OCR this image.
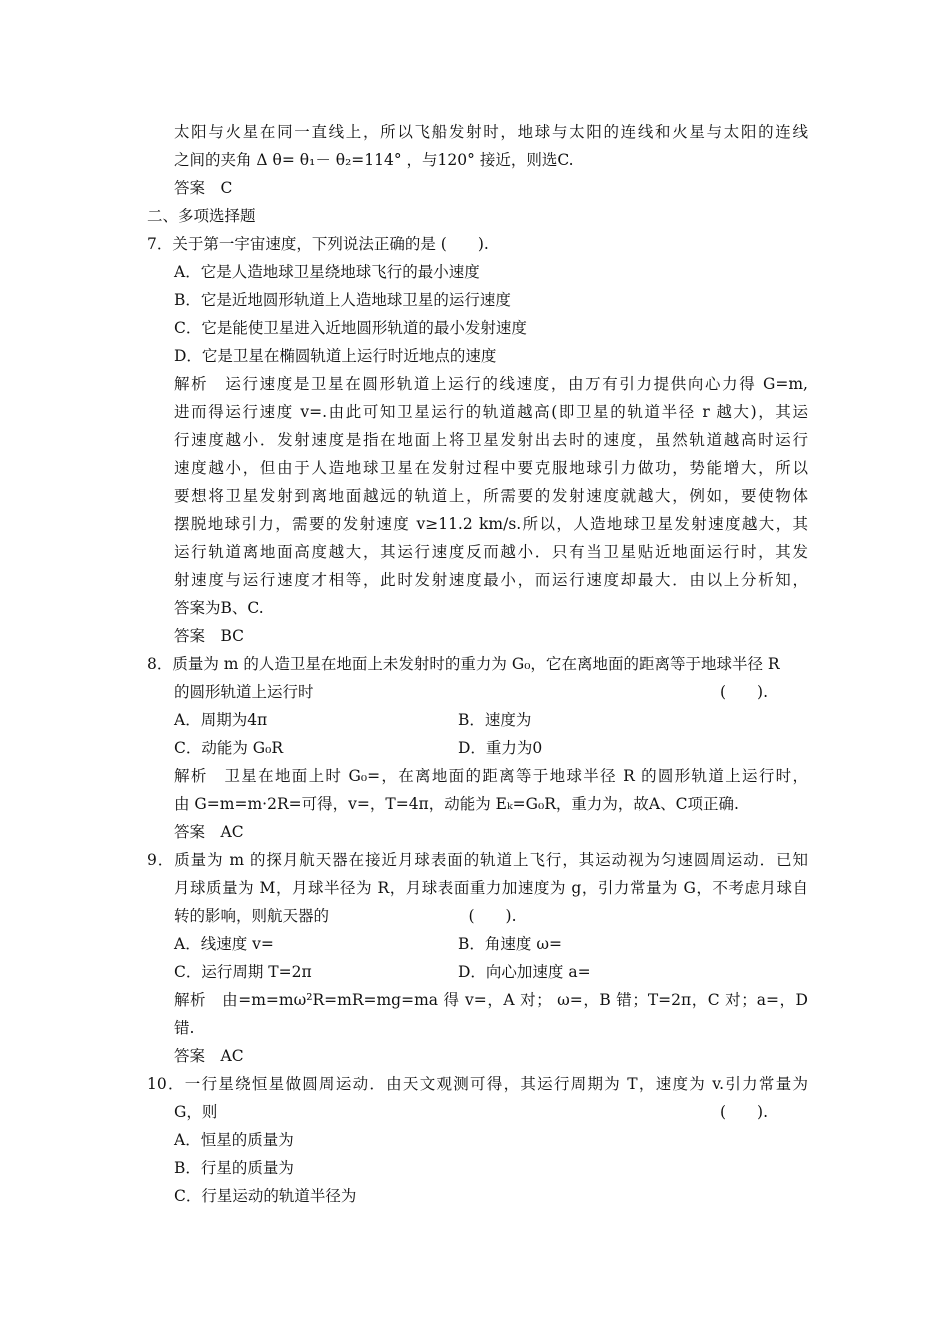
太阳与火星在同一直线上，所以飞船发射时，地球与太阳的连线和火星与太阳的连线
之间的夹角 Δ θ= θ₁－ θ₂=114° ，与120° 接近，则选C.
答案　C
二、多项选择题
7．关于第一宇宙速度，下列说法正确的是 (　　).
A．它是人造地球卫星绕地球飞行的最小速度
B．它是近地圆形轨道上人造地球卫星的运行速度
C．它是能使卫星进入近地圆形轨道的最小发射速度
D．它是卫星在椭圆轨道上运行时近地点的速度
解析　运行速度是卫星在圆形轨道上运行的线速度，由万有引力提供向心力得 G=m,
进而得运行速度 v=.由此可知卫星运行的轨道越高(即卫星的轨道半径 r 越大)，其运
行速度越小．发射速度是指在地面上将卫星发射出去时的速度，虽然轨道越高时运行
速度越小，但由于人造地球卫星在发射过程中要克服地球引力做功，势能增大，所以
要想将卫星发射到离地面越远的轨道上，所需要的发射速度就越大，例如，要使物体
摆脱地球引力，需要的发射速度 v≥11.2 km/s.所以，人造地球卫星发射速度越大，其
运行轨道离地面高度越大，其运行速度反而越小．只有当卫星贴近地面运行时，其发
射速度与运行速度才相等，此时发射速度最小，而运行速度却最大．由以上分析知，
答案为B、C.
答案　BC
8．质量为 m 的人造卫星在地面上未发射时的重力为 G₀，它在离地面的距离等于地球半径 R
的圆形轨道上运行时	(　　).
A．周期为4π	B．速度为
C．动能为 G₀R	D．重力为0
解析　卫星在地面上时 G₀=，在离地面的距离等于地球半径 R 的圆形轨道上运行时，
由 G=m=m·2R=可得，v=，T=4π，动能为 Eₖ=G₀R，重力为，故A、C项正确.
答案　AC
9．质量为 m 的探月航天器在接近月球表面的轨道上飞行，其运动视为匀速圆周运动．已知
月球质量为 M，月球半径为 R，月球表面重力加速度为 g，引力常量为 G，不考虑月球自
转的影响，则航天器的　　　　　　　　　(　　).
A．线速度 v=	B．角速度 ω=
C．运行周期 T=2π	D．向心加速度 a=
解析　由=m=mω²R=mR=mg=ma 得 v=，A 对； ω=，B 错；T=2π，C 对；a=，D
错.
答案　AC
10．一行星绕恒星做圆周运动．由天文观测可得，其运行周期为 T，速度为 v.引力常量为
G，则	(　　).
A．恒星的质量为
B．行星的质量为
C．行星运动的轨道半径为
